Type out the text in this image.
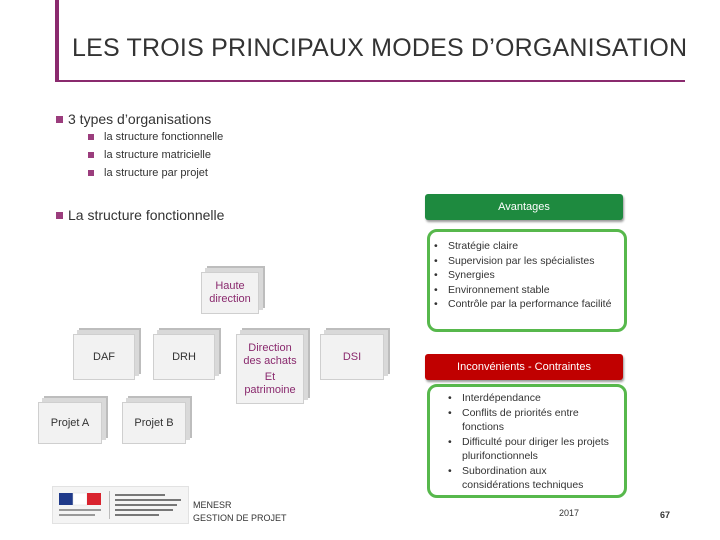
LES TROIS PRINCIPAUX MODES D’ORGANISATION
3 types d’organisations
la structure fonctionnelle
la structure matricielle
la structure par projet
La structure fonctionnelle
Haute
direction
DAF	DRH
Direction
des achats
Et
patrimoine
DSI
Projet A	Projet B
Avantages
• Stratégie claire
• Supervision par les spécialistes
• Synergies
• Environnement stable
• Contrôle par la performance facilité
Inconvénients - Contraintes
• Interdépendance
• Conflits de priorités entre fonctions
• Difficulté pour diriger les projets plurifonctionnels
• Subordination aux considérations techniques
MENESR
GESTION DE PROJET	2017	67
